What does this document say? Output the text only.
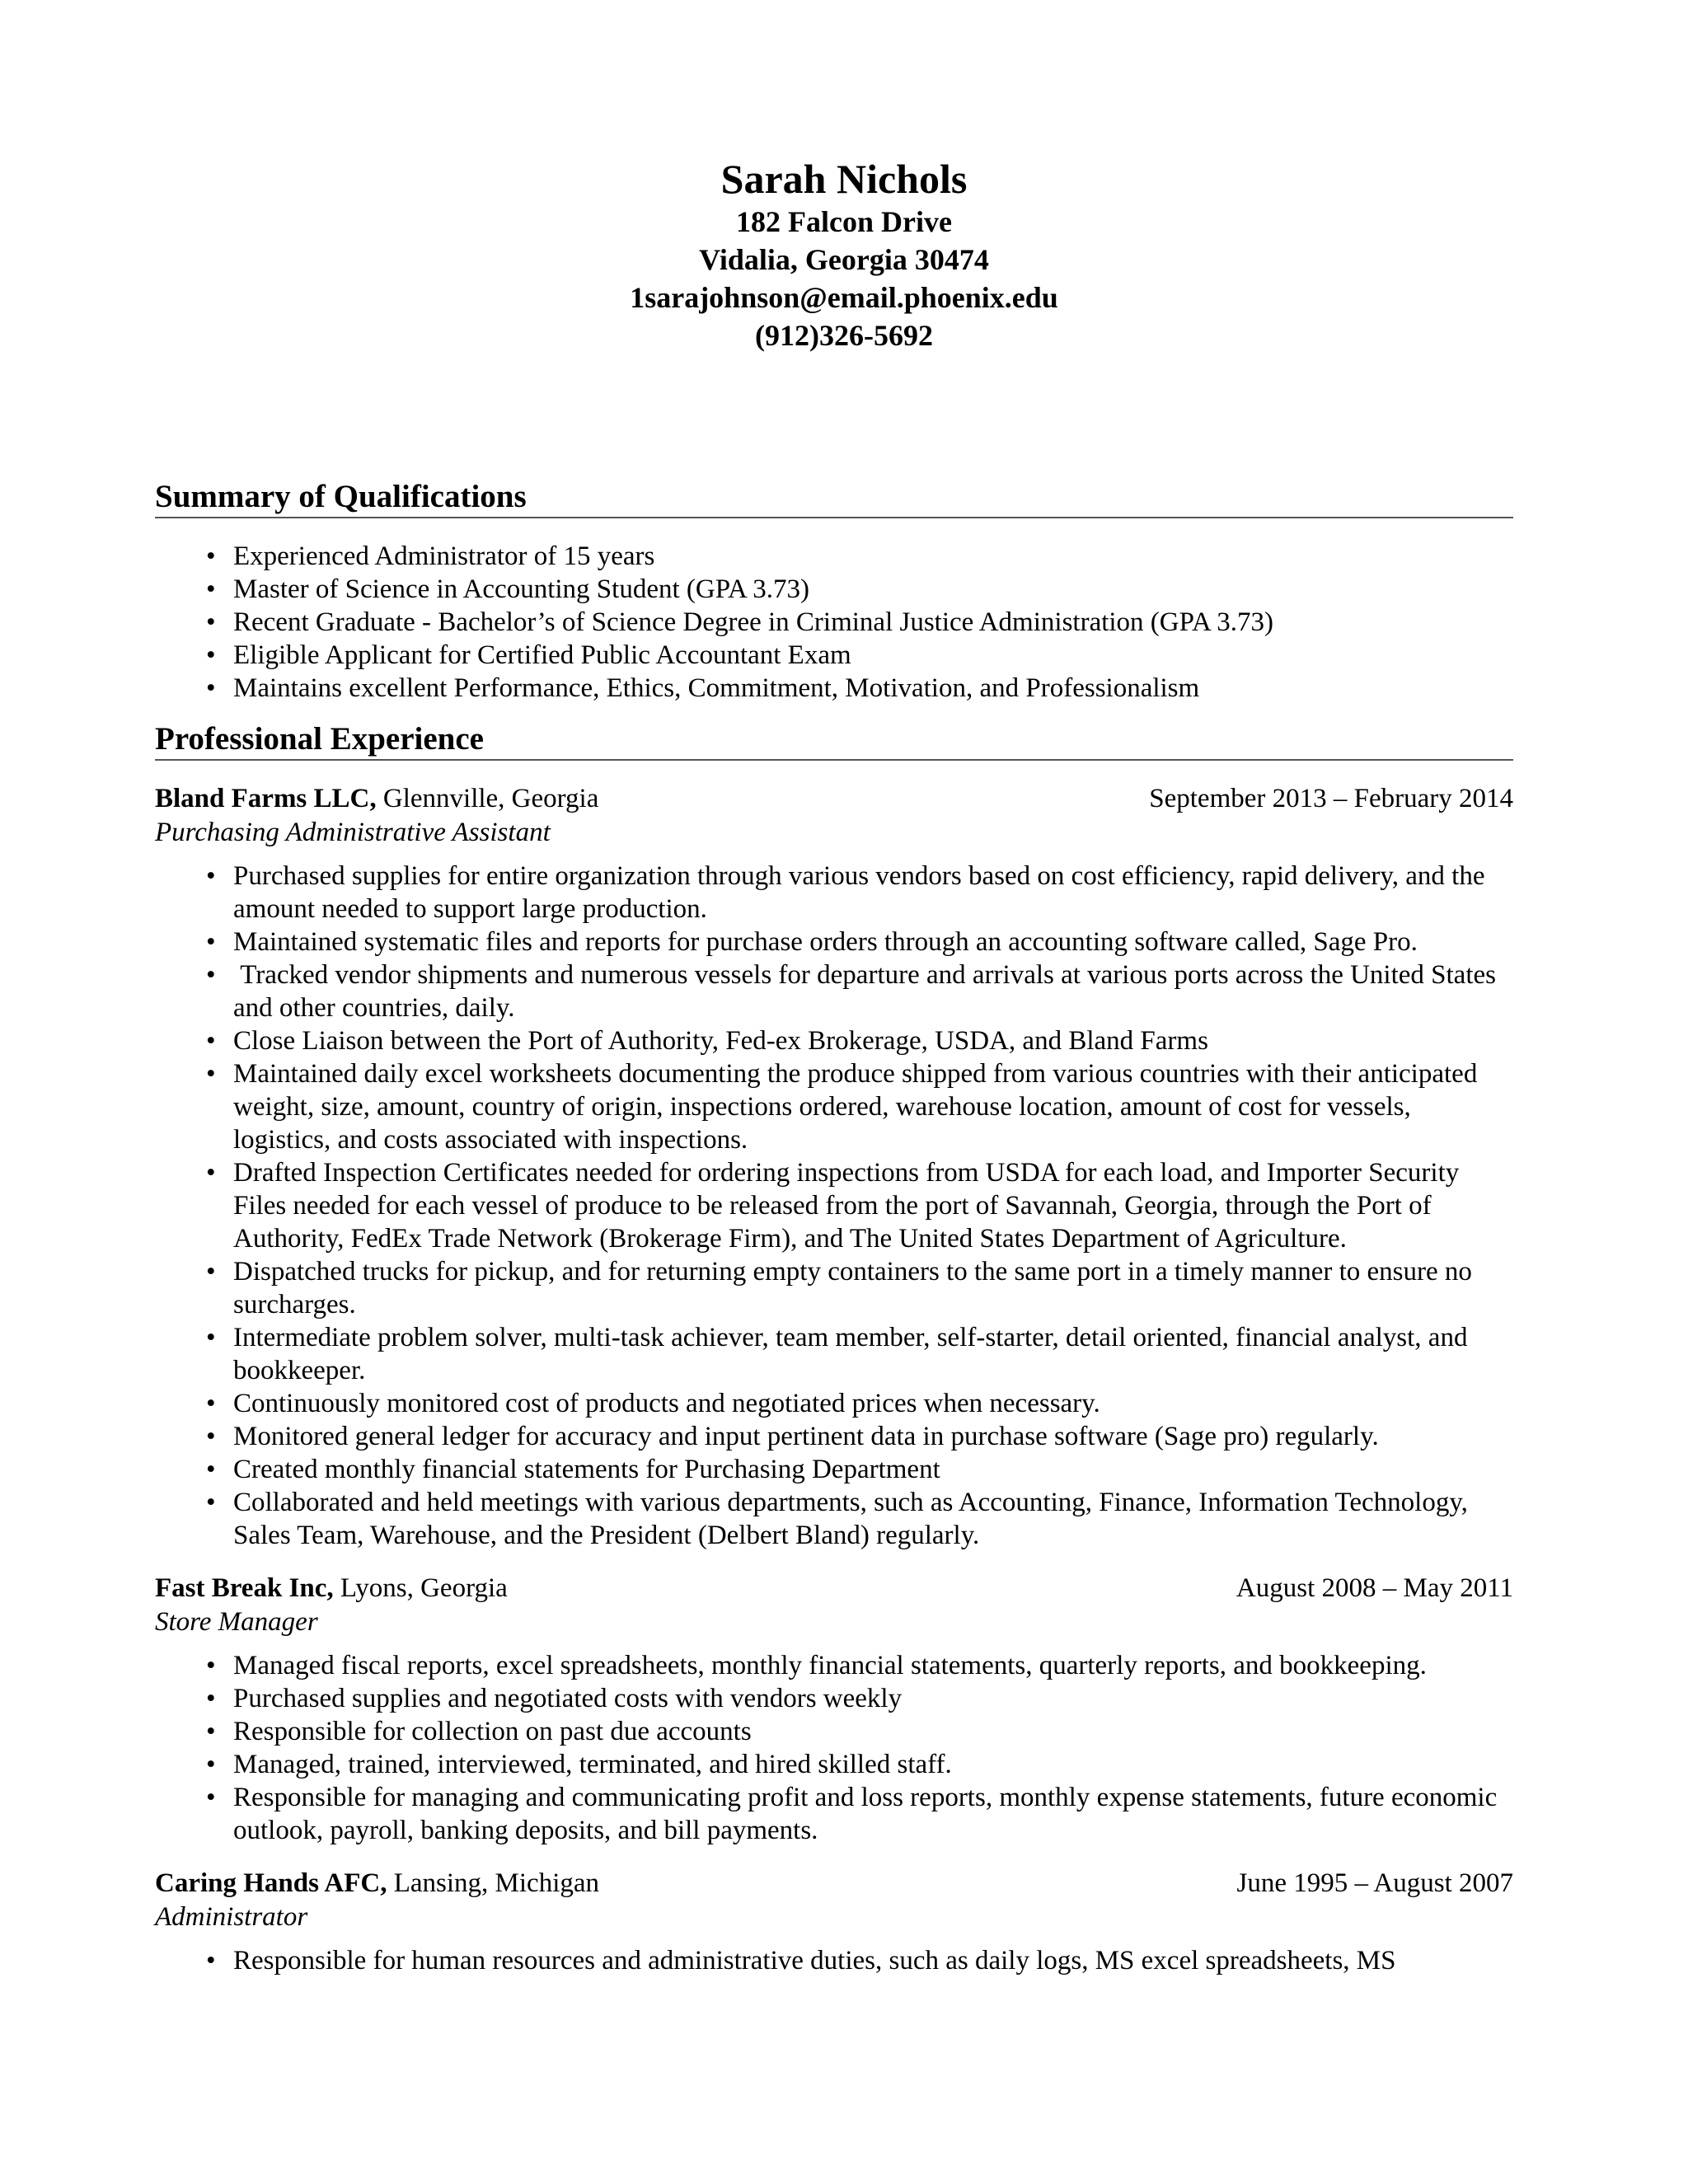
Sarah Nichols
182 Falcon Drive
Vidalia, Georgia 30474
1sarajohnson@email.phoenix.edu
(912)326-5692
Summary of Qualifications
• Experienced Administrator of 15 years
• Master of Science in Accounting Student (GPA 3.73)
• Recent Graduate - Bachelor’s of Science Degree in Criminal Justice Administration (GPA 3.73)
• Eligible Applicant for Certified Public Accountant Exam
• Maintains excellent Performance, Ethics, Commitment, Motivation, and Professionalism
Professional Experience
Bland Farms LLC, Glennville, Georgia	September 2013 – February 2014
Purchasing Administrative Assistant
• Purchased supplies for entire organization through various vendors based on cost efficiency, rapid delivery, and the amount needed to support large production.
• Maintained systematic files and reports for purchase orders through an accounting software called, Sage Pro.
• Tracked vendor shipments and numerous vessels for departure and arrivals at various ports across the United States and other countries, daily.
• Close Liaison between the Port of Authority, Fed-ex Brokerage, USDA, and Bland Farms
• Maintained daily excel worksheets documenting the produce shipped from various countries with their anticipated weight, size, amount, country of origin, inspections ordered, warehouse location, amount of cost for vessels, logistics, and costs associated with inspections.
• Drafted Inspection Certificates needed for ordering inspections from USDA for each load, and Importer Security Files needed for each vessel of produce to be released from the port of Savannah, Georgia, through the Port of Authority, FedEx Trade Network (Brokerage Firm), and The United States Department of Agriculture.
• Dispatched trucks for pickup, and for returning empty containers to the same port in a timely manner to ensure no surcharges.
• Intermediate problem solver, multi-task achiever, team member, self-starter, detail oriented, financial analyst, and bookkeeper.
• Continuously monitored cost of products and negotiated prices when necessary.
• Monitored general ledger for accuracy and input pertinent data in purchase software (Sage pro) regularly.
• Created monthly financial statements for Purchasing Department
• Collaborated and held meetings with various departments, such as Accounting, Finance, Information Technology, Sales Team, Warehouse, and the President (Delbert Bland) regularly.
Fast Break Inc, Lyons, Georgia	August 2008 – May 2011
Store Manager
• Managed fiscal reports, excel spreadsheets, monthly financial statements, quarterly reports, and bookkeeping.
• Purchased supplies and negotiated costs with vendors weekly
• Responsible for collection on past due accounts
• Managed, trained, interviewed, terminated, and hired skilled staff.
• Responsible for managing and communicating profit and loss reports, monthly expense statements, future economic outlook, payroll, banking deposits, and bill payments.
Caring Hands AFC, Lansing, Michigan	June 1995 – August 2007
Administrator
• Responsible for human resources and administrative duties, such as daily logs, MS excel spreadsheets, MS
